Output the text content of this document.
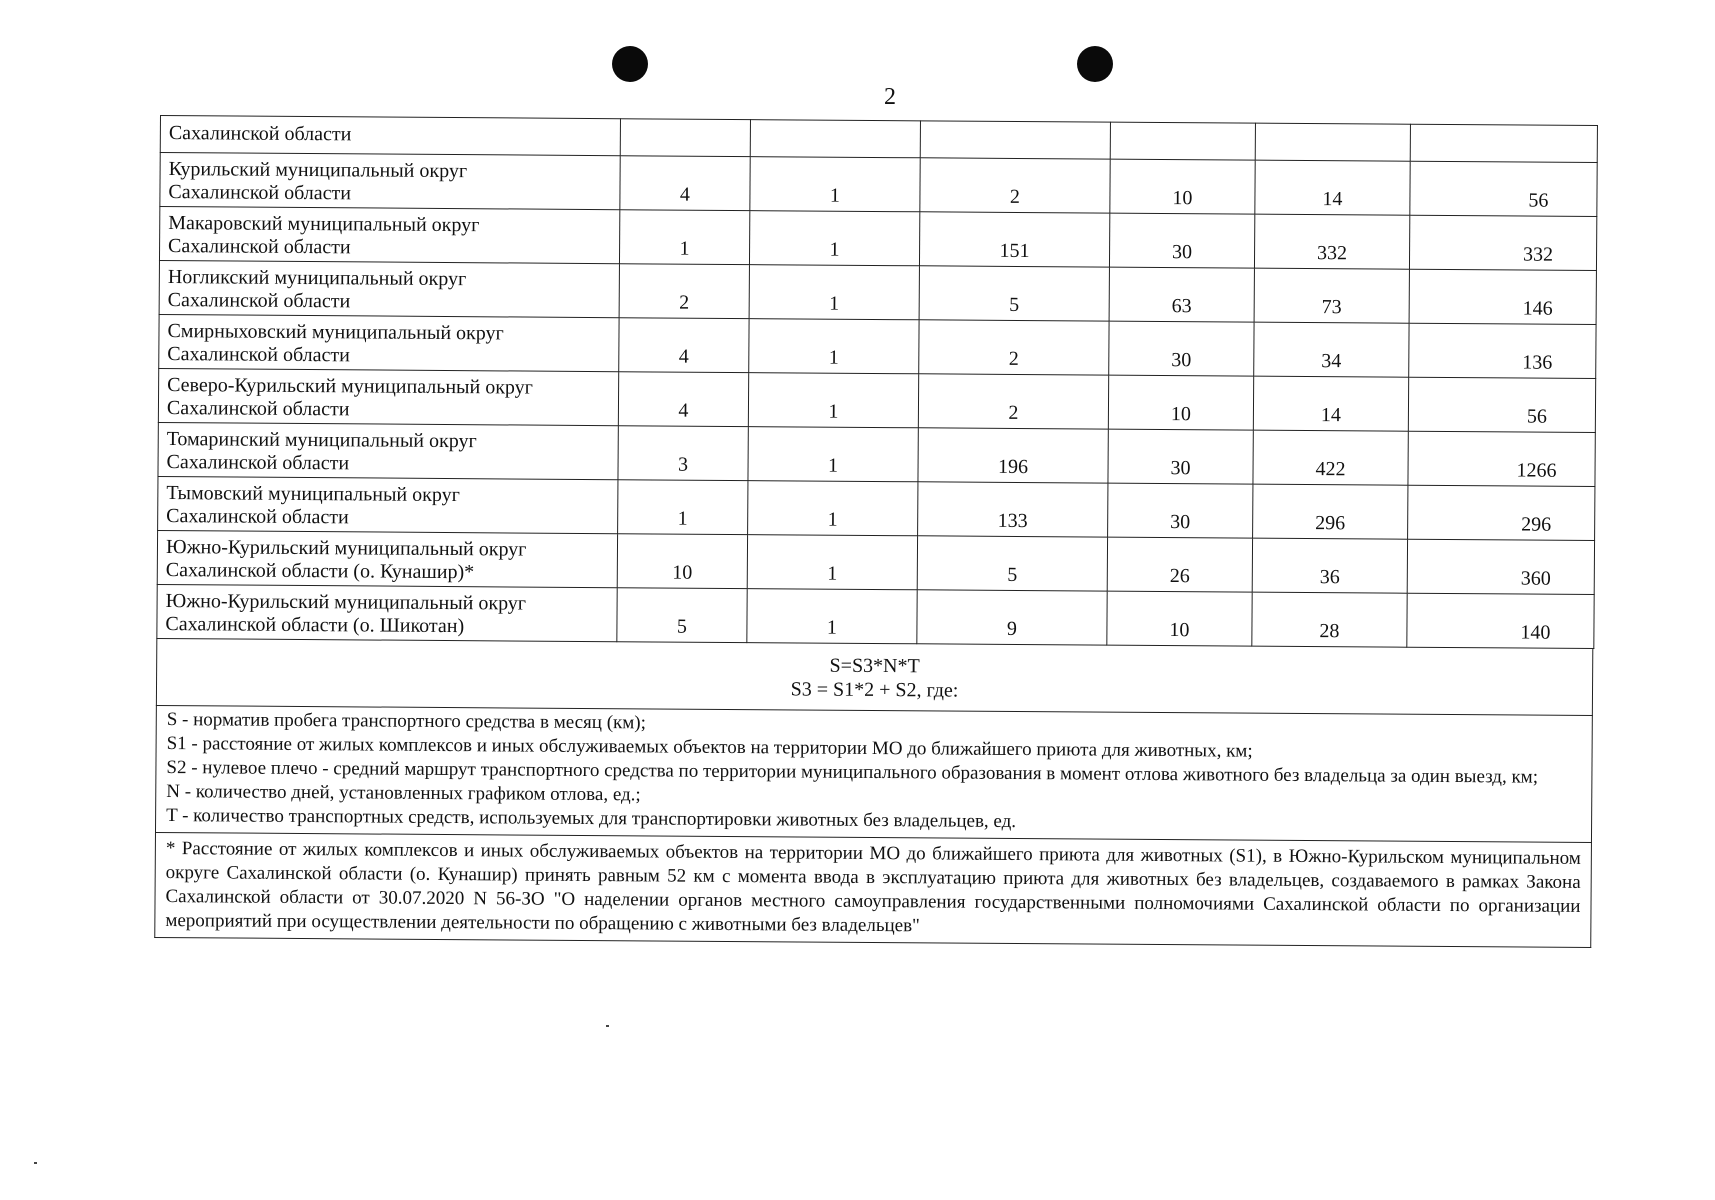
2
Сахалинской области						

Курильский муниципальный округ
Сахалинской области	4	1	2	10	14	56

Макаровский муниципальный округ
Сахалинской области	1	1	151	30	332	332

Ногликский муниципальный округ
Сахалинской области	2	1	5	63	73	146

Смирныховский муниципальный округ
Сахалинской области	4	1	2	30	34	136

Северо-Курильский муниципальный округ
Сахалинской области	4	1	2	10	14	56

Томаринский муниципальный округ
Сахалинской области	3	1	196	30	422	1266

Тымовский муниципальный округ
Сахалинской области	1	1	133	30	296	296

Южно-Курильский муниципальный округ
Сахалинской области (о. Кунашир)*	10	1	5	26	36	360

Южно-Курильский муниципальный округ
Сахалинской области (о. Шикотан)	5	1	9	10	28	140
S=S3*N*T
S3 = S1*2 + S2, где:
S - норматив пробега транспортного средства в месяц (км);
S1 - расстояние от жилых комплексов и иных обслуживаемых объектов на территории МО до ближайшего приюта для животных, км;
S2 - нулевое плечо - средний маршрут транспортного средства по территории муниципального образования в момент отлова животного без владельца за один выезд, км;
N - количество дней, установленных графиком отлова, ед.;
T - количество транспортных средств, используемых для транспортировки животных без владельцев, ед.
* Расстояние от жилых комплексов и иных обслуживаемых объектов на территории МО до ближайшего приюта для животных (S1), в Южно-Курильском муниципальном округе Сахалинской области (о. Кунашир) принять равным 52 км с момента ввода в эксплуатацию приюта для животных без владельцев, создаваемого в рамках Закона Сахалинской области от 30.07.2020 N 56-ЗО "О наделении органов местного самоуправления государственными полномочиями Сахалинской области по организации мероприятий при осуществлении деятельности по обращению с животными без владельцев"
